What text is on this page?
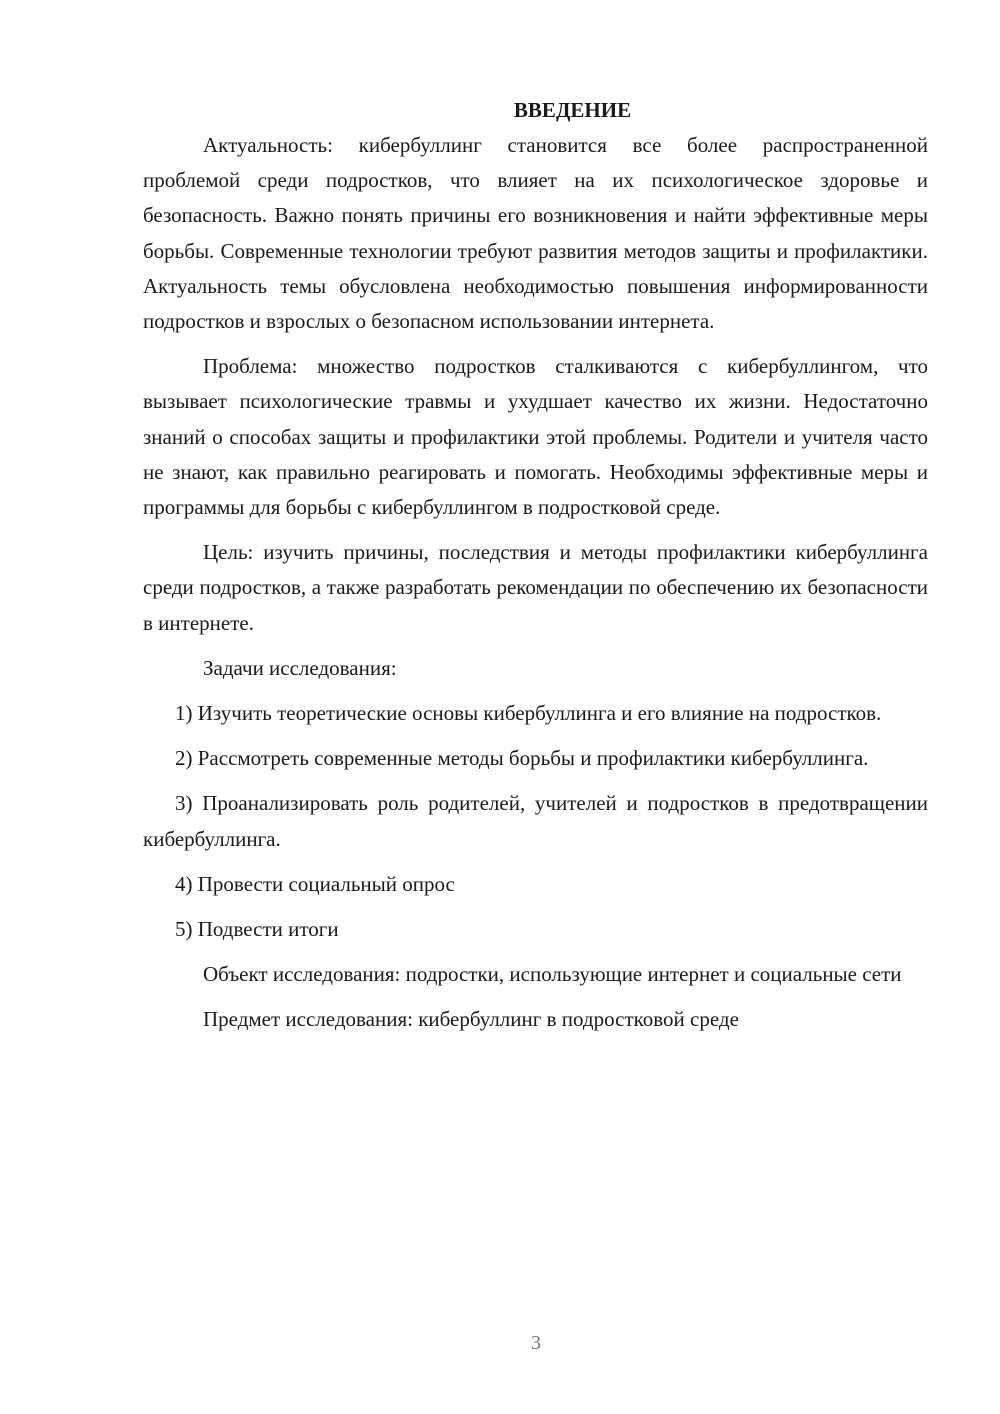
ВВЕДЕНИЕ

Актуальность: кибербуллинг становится все более распространенной проблемой среди подростков, что влияет на их психологическое здоровье и безопасность. Важно понять причины его возникновения и найти эффективные меры борьбы. Современные технологии требуют развития методов защиты и профилактики. Актуальность темы обусловлена необходимостью повышения информированности подростков и взрослых о безопасном использовании интернета.

Проблема: множество подростков сталкиваются с кибербуллингом, что вызывает психологические травмы и ухудшает качество их жизни. Недостаточно знаний о способах защиты и профилактики этой проблемы. Родители и учителя часто не знают, как правильно реагировать и помогать. Необходимы эффективные меры и программы для борьбы с кибербуллингом в подростковой среде.

Цель: изучить причины, последствия и методы профилактики кибербуллинга среди подростков, а также разработать рекомендации по обеспечению их безопасности в интернете.

Задачи исследования:

1) Изучить теоретические основы кибербуллинга и его влияние на подростков.

2) Рассмотреть современные методы борьбы и профилактики кибербуллинга.

3) Проанализировать роль родителей, учителей и подростков в предотвращении кибербуллинга.

4) Провести социальный опрос

5) Подвести итоги

Объект исследования: подростки, использующие интернет и социальные сети

Предмет исследования: кибербуллинг в подростковой среде

3
